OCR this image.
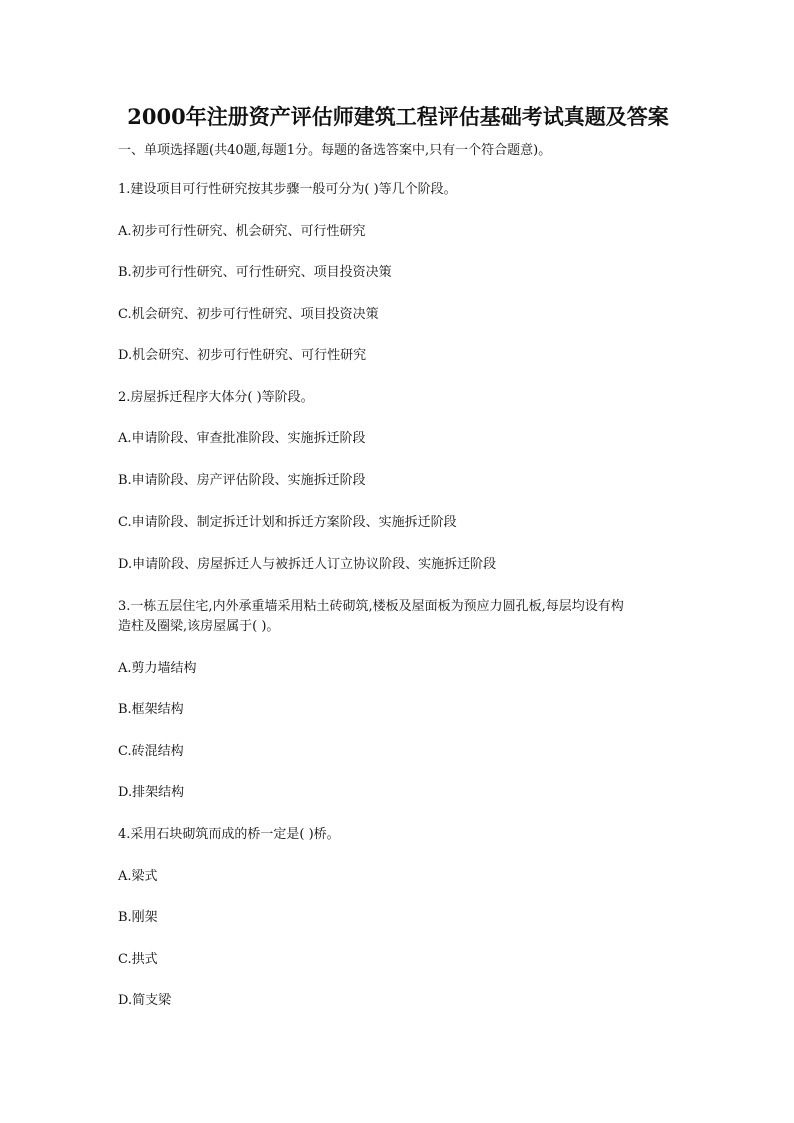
2000年注册资产评估师建筑工程评估基础考试真题及答案
一、单项选择题(共40题,每题1分。每题的备选答案中,只有一个符合题意)。
1.建设项目可行性研究按其步骤一般可分为( )等几个阶段。
A.初步可行性研究、机会研究、可行性研究
B.初步可行性研究、可行性研究、项目投资决策
C.机会研究、初步可行性研究、项目投资决策
D.机会研究、初步可行性研究、可行性研究
2.房屋拆迁程序大体分( )等阶段。
A.申请阶段、审查批准阶段、实施拆迁阶段
B.申请阶段、房产评估阶段、实施拆迁阶段
C.申请阶段、制定拆迁计划和拆迁方案阶段、实施拆迁阶段
D.申请阶段、房屋拆迁人与被拆迁人订立协议阶段、实施拆迁阶段
3.一栋五层住宅,内外承重墙采用粘土砖砌筑,楼板及屋面板为预应力圆孔板,每层均设有构
造柱及圈梁,该房屋属于( )。
A.剪力墙结构
B.框架结构
C.砖混结构
D.排架结构
4.采用石块砌筑而成的桥一定是( )桥。
A.梁式
B.刚架
C.拱式
D.简支梁
